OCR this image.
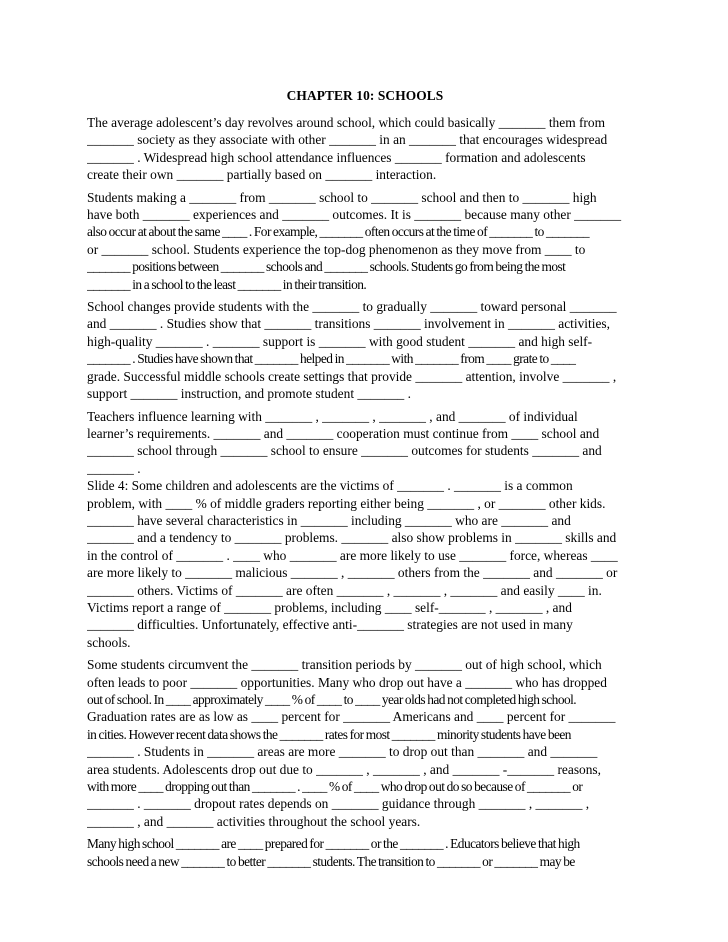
CHAPTER 10: SCHOOLS
The average adolescent’s day revolves around school, which could basically _______ them from
_______ society as they associate with other _______ in an _______ that encourages widespread
_______ . Widespread high school attendance influences _______ formation and adolescents
create their own _______ partially based on _______ interaction.
Students making a _______ from _______ school to _______ school and then to _______ high
have both _______ experiences and _______ outcomes. It is _______ because many other _______
also occur at about the same ____ . For example, _______ often occurs at the time of _______ to _______
or _______ school. Students experience the top-dog phenomenon as they move from ____ to
_______ positions between _______ schools and _______ schools. Students go from being the most
_______ in a school to the least _______ in their transition.
School changes provide students with the _______ to gradually _______ toward personal _______
and _______ . Studies show that _______ transitions _______ involvement in _______ activities,
high-quality _______ . _______ support is _______ with good student _______ and high self-
_______ . Studies have shown that _______ helped in _______ with _______ from ____ grate to ____
grade. Successful middle schools create settings that provide _______ attention, involve _______ ,
support _______ instruction, and promote student _______ .
Teachers influence learning with _______ , _______ , _______ , and _______ of individual
learner’s requirements. _______ and _______ cooperation must continue from ____ school and
_______ school through _______ school to ensure _______ outcomes for students _______ and
_______ .
Slide 4: Some children and adolescents are the victims of _______ . _______ is a common
problem, with ____ % of middle graders reporting either being _______ , or _______ other kids.
_______ have several characteristics in _______ including _______ who are _______ and
_______ and a tendency to _______ problems. _______ also show problems in _______ skills and
in the control of _______ . ____ who _______ are more likely to use _______ force, whereas ____
are more likely to _______ malicious _______ , _______ others from the _______ and _______ or
_______ others. Victims of _______ are often _______ , _______ , _______ and easily ____ in.
Victims report a range of _______ problems, including ____ self-_______ , _______ , and
_______ difficulties. Unfortunately, effective anti-_______ strategies are not used in many
schools.
Some students circumvent the _______ transition periods by _______ out of high school, which
often leads to poor _______ opportunities. Many who drop out have a _______ who has dropped
out of school. In ____ approximately ____ % of ____ to ____ year olds had not completed high school.
Graduation rates are as low as ____ percent for _______ Americans and ____ percent for _______
in cities. However recent data shows the _______ rates for most _______ minority students have been
_______ . Students in _______ areas are more _______ to drop out than _______ and _______
area students. Adolescents drop out due to _______ , _______ , and _______ -_______ reasons,
with more ____ dropping out than _______ . ____ % of ____ who drop out do so because of _______ or
_______ . _______ dropout rates depends on _______ guidance through _______ , _______ ,
_______ , and _______ activities throughout the school years.
Many high school _______ are ____ prepared for _______ or the _______ . Educators believe that high
schools need a new _______ to better _______ students. The transition to _______ or _______ may be
